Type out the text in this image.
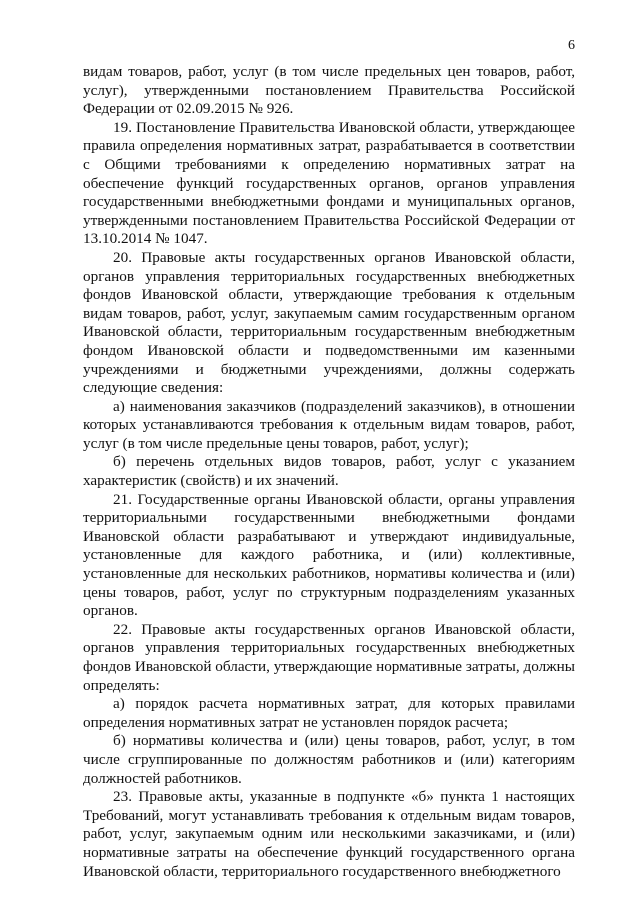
6

видам товаров, работ, услуг (в том числе предельных цен товаров, работ, услуг), утвержденными постановлением Правительства Российской Федерации от 02.09.2015 № 926.

19. Постановление Правительства Ивановской области, утверждающее правила определения нормативных затрат, разрабатывается в соответствии с Общими требованиями к определению нормативных затрат на обеспечение функций государственных органов, органов управления государственными внебюджетными фондами и муниципальных органов, утвержденными постановлением Правительства Российской Федерации от 13.10.2014 № 1047.

20. Правовые акты государственных органов Ивановской области, органов управления территориальных государственных внебюджетных фондов Ивановской области, утверждающие требования к отдельным видам товаров, работ, услуг, закупаемым самим государственным органом Ивановской области, территориальным государственным внебюджетным фондом Ивановской области и подведомственными им казенными учреждениями и бюджетными учреждениями, должны содержать следующие сведения:

а) наименования заказчиков (подразделений заказчиков), в отношении которых устанавливаются требования к отдельным видам товаров, работ, услуг (в том числе предельные цены товаров, работ, услуг);

б) перечень отдельных видов товаров, работ, услуг с указанием характеристик (свойств) и их значений.

21. Государственные органы Ивановской области, органы управления территориальными государственными внебюджетными фондами Ивановской области разрабатывают и утверждают индивидуальные, установленные для каждого работника, и (или) коллективные, установленные для нескольких работников, нормативы количества и (или) цены товаров, работ, услуг по структурным подразделениям указанных органов.

22. Правовые акты государственных органов Ивановской области, органов управления территориальных государственных внебюджетных фондов Ивановской области, утверждающие нормативные затраты, должны определять:

а) порядок расчета нормативных затрат, для которых правилами определения нормативных затрат не установлен порядок расчета;

б) нормативы количества и (или) цены товаров, работ, услуг, в том числе сгруппированные по должностям работников и (или) категориям должностей работников.

23. Правовые акты, указанные в подпункте «б» пункта 1 настоящих Требований, могут устанавливать требования к отдельным видам товаров, работ, услуг, закупаемым одним или несколькими заказчиками, и (или) нормативные затраты на обеспечение функций государственного органа Ивановской области, территориального государственного внебюджетного
